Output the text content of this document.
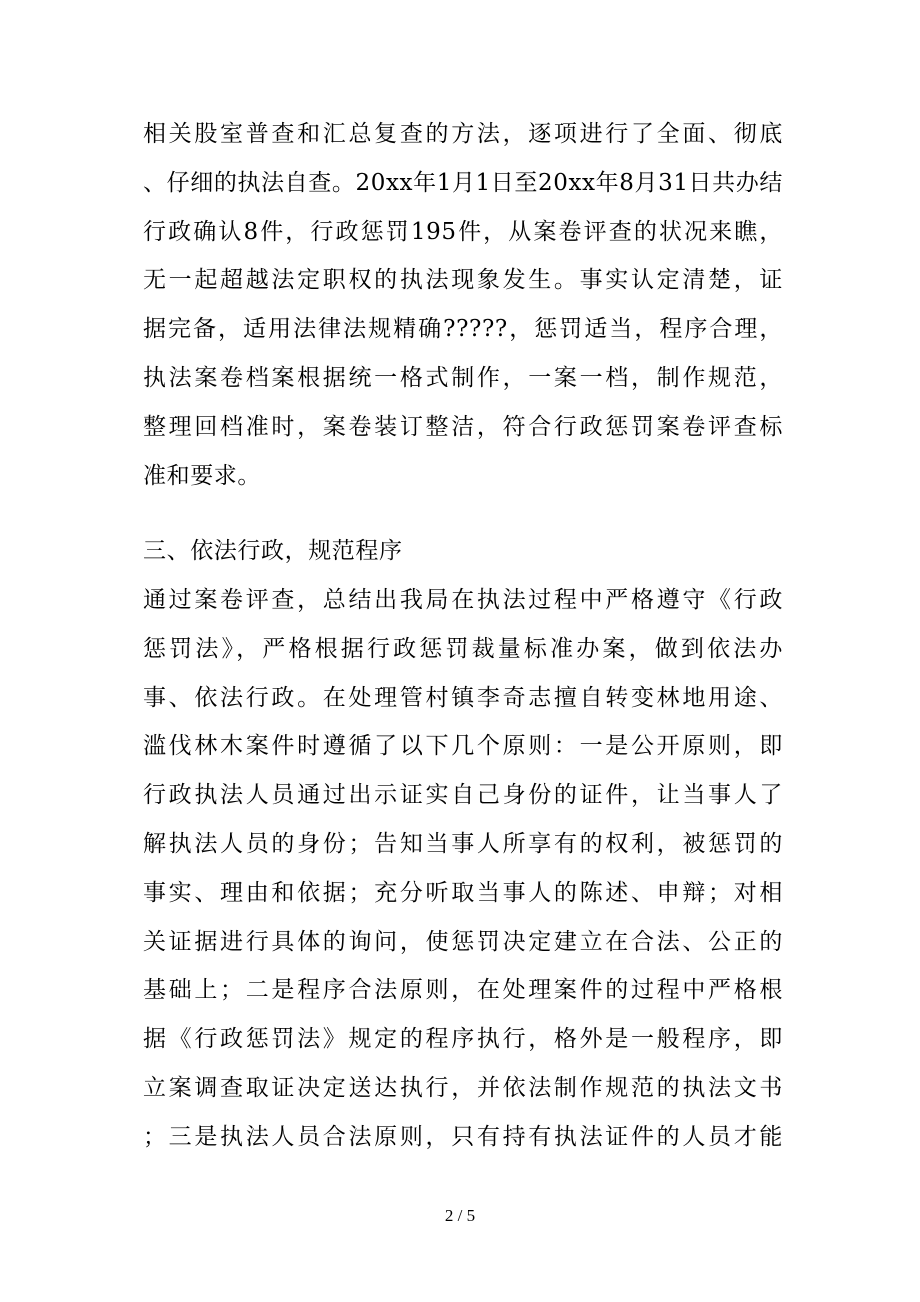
相关股室普查和汇总复查的方法，逐项进行了全面、彻底
、仔细的执法自查。20xx年1月1日至20xx年8月31日共办结
行政确认8件，行政惩罚195件，从案卷评查的状况来瞧，
无一起超越法定职权的执法现象发生。事实认定清楚，证
据完备，适用法律法规精确?????，惩罚适当，程序合理，
执法案卷档案根据统一格式制作，一案一档，制作规范，
整理回档准时，案卷装订整洁，符合行政惩罚案卷评查标
准和要求。
三、依法行政，规范程序
通过案卷评查，总结出我局在执法过程中严格遵守《行政
惩罚法》，严格根据行政惩罚裁量标准办案，做到依法办
事、依法行政。在处理管村镇李奇志擅自转变林地用途、
滥伐林木案件时遵循了以下几个原则：一是公开原则，即
行政执法人员通过出示证实自己身份的证件，让当事人了
解执法人员的身份；告知当事人所享有的权利，被惩罚的
事实、理由和依据；充分听取当事人的陈述、申辩；对相
关证据进行具体的询问，使惩罚决定建立在合法、公正的
基础上；二是程序合法原则，在处理案件的过程中严格根
据《行政惩罚法》规定的程序执行，格外是一般程序，即
立案调查取证决定送达执行，并依法制作规范的执法文书
；三是执法人员合法原则，只有持有执法证件的人员才能
2 / 5
